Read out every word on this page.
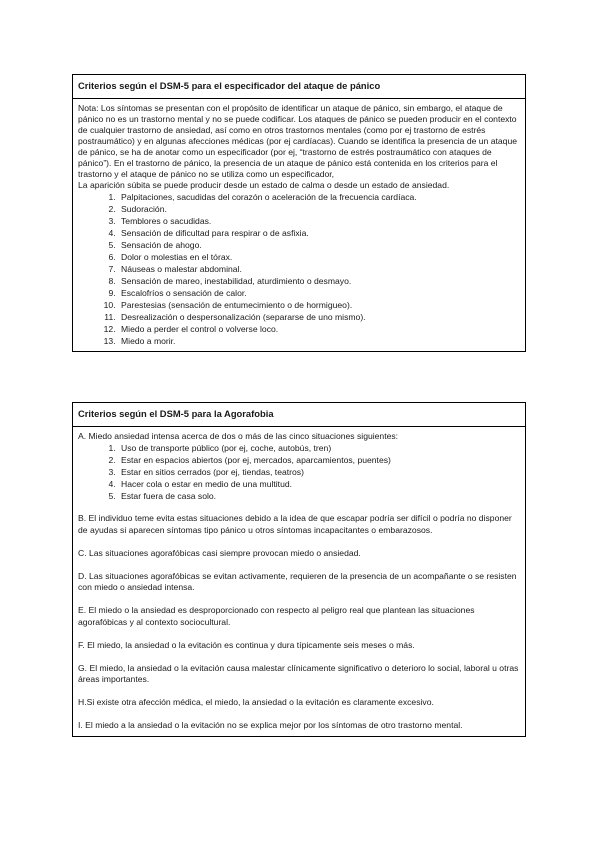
Criterios según el DSM-5 para el especificador del ataque de pánico

Nota: Los síntomas se presentan con el propósito de identificar un ataque de pánico, sin embargo, el ataque de pánico no es un trastorno mental y no se puede codificar. Los ataques de pánico se pueden producir en el contexto de cualquier trastorno de ansiedad, así como en otros trastornos mentales (como por ej trastorno de estrés postraumático) y en algunas afecciones médicas (por ej cardíacas). Cuando se identifica la presencia de un ataque de pánico, se ha de anotar como un especificador (por ej, “trastorno de estrés postraumático con ataques de pánico”). En el trastorno de pánico, la presencia de un ataque de pánico está contenida en los criterios para el trastorno y el ataque de pánico no se utiliza como un especificador,

La aparición súbita se puede producir desde un estado de calma o desde un estado de ansiedad.

1. Palpitaciones, sacudidas del corazón o aceleración de la frecuencia cardíaca.
2. Sudoración.
3. Temblores o sacudidas.
4. Sensación de dificultad para respirar o de asfixia.
5. Sensación de ahogo.
6. Dolor o molestias en el tórax.
7. Náuseas o malestar abdominal.
8. Sensación de mareo, inestabilidad, aturdimiento o desmayo.
9. Escalofríos o sensación de calor.
10. Parestesias (sensación de entumecimiento o de hormigueo).
11. Desrealización o despersonalización (separarse de uno mismo).
12. Miedo a perder el control o volverse loco.
13. Miedo a morir.
Criterios según el DSM-5 para la Agorafobia

A. Miedo ansiedad intensa acerca de dos o más de las cinco situaciones siguientes:

1. Uso de transporte público (por ej, coche, autobús, tren)
2. Estar en espacios abiertos (por ej, mercados, aparcamientos, puentes)
3. Estar en sitios cerrados (por ej, tiendas, teatros)
4. Hacer cola o estar en medio de una multitud.
5. Estar fuera de casa solo.

B. El individuo teme evita estas situaciones debido a la idea de que escapar podría ser difícil o podría no disponer de ayudas si aparecen síntomas tipo pánico u otros síntomas incapacitantes o embarazosos.

C. Las situaciones agorafóbicas casi siempre provocan miedo o ansiedad.

D. Las situaciones agorafóbicas se evitan activamente, requieren de la presencia de un acompañante o se resisten con miedo o ansiedad intensa.

E. El miedo o la ansiedad es desproporcionado con respecto al peligro real que plantean las situaciones agorafóbicas y al contexto sociocultural.

F. El miedo, la ansiedad o la evitación es continua y dura típicamente seis meses o más.

G. El miedo, la ansiedad o la evitación causa malestar clínicamente significativo o deterioro lo social, laboral u otras áreas importantes.

H.Si existe otra afección médica, el miedo, la ansiedad o la evitación es claramente excesivo.

I. El miedo a la ansiedad o la evitación no se explica mejor por los síntomas de otro trastorno mental.
